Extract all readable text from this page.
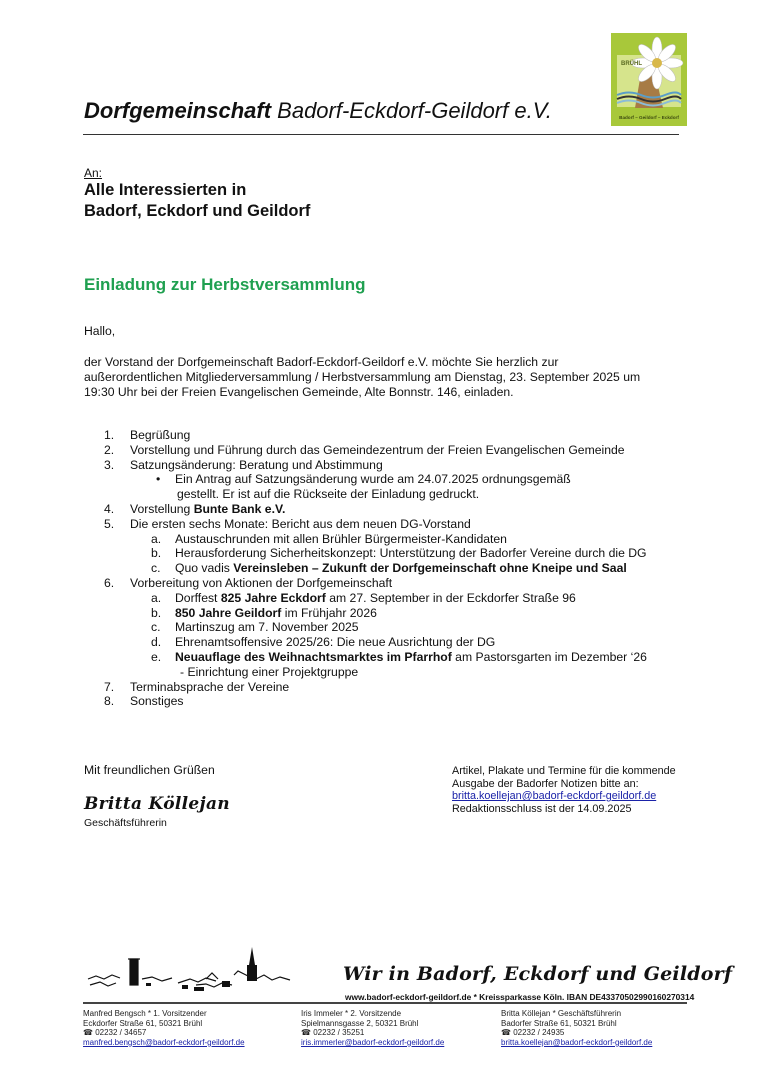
Dorfgemeinschaft Badorf-Eckdorf-Geildorf e.V.
BRÜHL
Badorf – Geildorf – Eckdorf
An:
Alle Interessierten in
Badorf, Eckdorf und Geildorf
Einladung zur Herbstversammlung
Hallo,
der Vorstand der Dorfgemeinschaft Badorf-Eckdorf-Geildorf e.V. möchte Sie herzlich zur
außerordentlichen Mitgliederversammlung / Herbstversammlung am Dienstag, 23. September 2025 um
19:30 Uhr bei der Freien Evangelischen Gemeinde, Alte Bonnstr. 146, einladen.
1. Begrüßung
2. Vorstellung und Führung durch das Gemeindezentrum der Freien Evangelischen Gemeinde
3. Satzungsänderung: Beratung und Abstimmung
• Ein Antrag auf Satzungsänderung wurde am 24.07.2025 ordnungsgemäß
gestellt. Er ist auf die Rückseite der Einladung gedruckt.
4. Vorstellung Bunte Bank e.V.
5. Die ersten sechs Monate: Bericht aus dem neuen DG-Vorstand
a. Austauschrunden mit allen Brühler Bürgermeister-Kandidaten
b. Herausforderung Sicherheitskonzept: Unterstützung der Badorfer Vereine durch die DG
c. Quo vadis Vereinsleben – Zukunft der Dorfgemeinschaft ohne Kneipe und Saal
6. Vorbereitung von Aktionen der Dorfgemeinschaft
a. Dorffest 825 Jahre Eckdorf am 27. September in der Eckdorfer Straße 96
b. 850 Jahre Geildorf im Frühjahr 2026
c. Martinszug am 7. November 2025
d. Ehrenamtsoffensive 2025/26: Die neue Ausrichtung der DG
e. Neuauflage des Weihnachtsmarktes im Pfarrhof am Pastorsgarten im Dezember ‘26
- Einrichtung einer Projektgruppe
7. Terminabsprache der Vereine
8. Sonstiges
Mit freundlichen Grüßen
Britta Köllejan
Geschäftsführerin
Artikel, Plakate und Termine für die kommende
Ausgabe der Badorfer Notizen bitte an:
britta.koellejan@badorf-eckdorf-geildorf.de
Redaktionsschluss ist der 14.09.2025
Wir in Badorf, Eckdorf und Geildorf
www.badorf-eckdorf-geildorf.de * Kreissparkasse Köln. IBAN DE43370502990160270314
Manfred Bengsch * 1. Vorsitzender
Eckdorfer Straße 61, 50321 Brühl
☎ 02232 / 34657
manfred.bengsch@badorf-eckdorf-geildorf.de
Iris Immeler * 2. Vorsitzende
Spielmannsgasse 2, 50321 Brühl
☎ 02232 / 35251
iris.immerler@badorf-eckdorf-geildorf.de
Britta Köllejan * Geschäftsführerin
Badorfer Straße 61, 50321 Brühl
☎ 02232 / 24935
britta.koellejan@badorf-eckdorf-geildorf.de
